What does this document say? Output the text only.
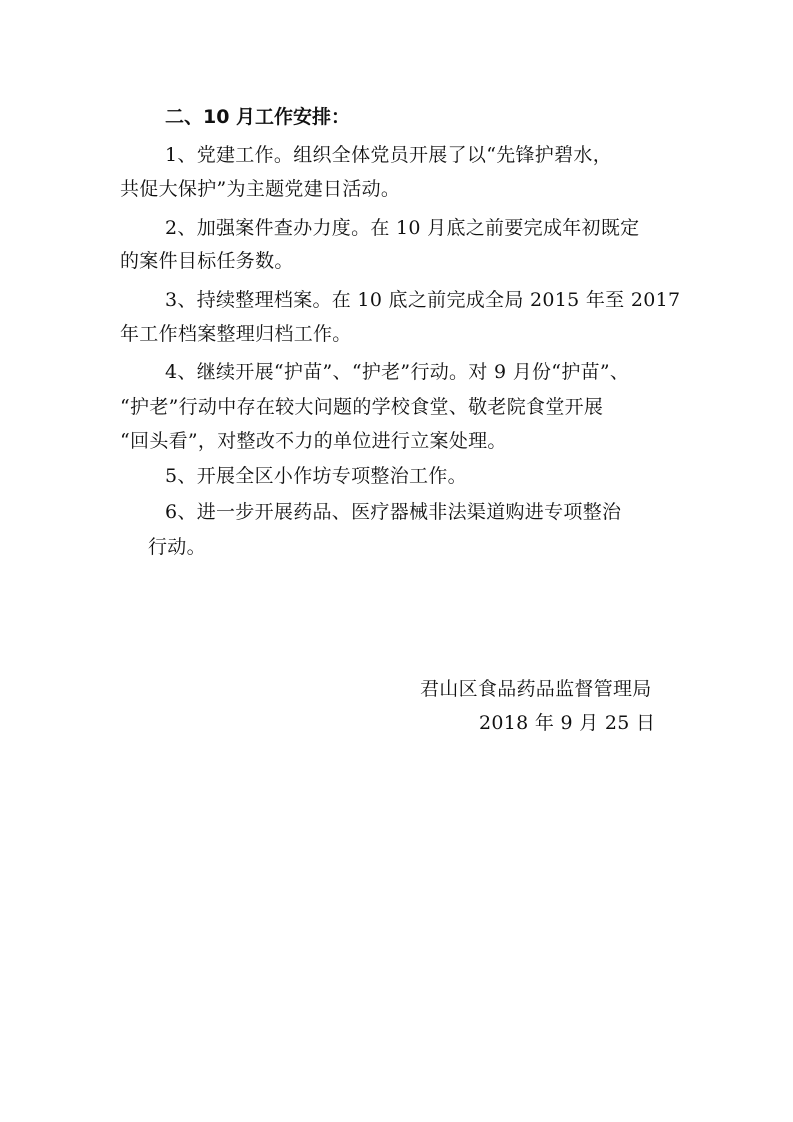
二、10 月工作安排：
1、党建工作。组织全体党员开展了以“先锋护碧水，
共促大保护”为主题党建日活动。
2、加强案件查办力度。在 10 月底之前要完成年初既定
的案件目标任务数。
3、持续整理档案。在 10 底之前完成全局 2015 年至 2017
年工作档案整理归档工作。
4、继续开展“护苗”、“护老”行动。对 9 月份“护苗”、
“护老”行动中存在较大问题的学校食堂、敬老院食堂开展
“回头看”，对整改不力的单位进行立案处理。
5、开展全区小作坊专项整治工作。
6、进一步开展药品、医疗器械非法渠道购进专项整治
行动。
君山区食品药品监督管理局
2018 年 9 月 25 日
